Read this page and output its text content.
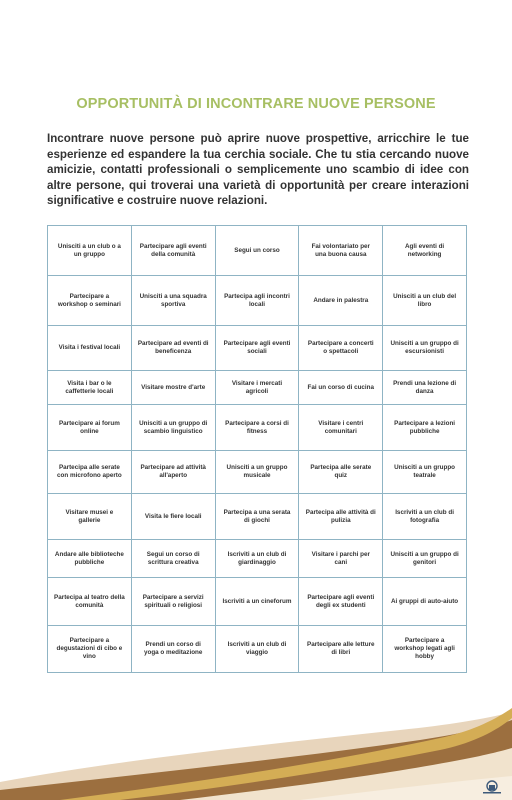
OPPORTUNITÀ DI INCONTRARE NUOVE PERSONE
Incontrare nuove persone può aprire nuove prospettive, arricchire le tue esperienze ed espandere la tua cerchia sociale. Che tu stia cercando nuove amicizie, contatti professionali o semplicemente uno scambio di idee con altre persone, qui troverai una varietà di opportunità per creare interazioni significative e costruire nuove relazioni.
Unisciti a un club o a un gruppo	Partecipare agli eventi della comunità	Segui un corso	Fai volontariato per una buona causa	Agli eventi di networking
Partecipare a workshop o seminari	Unisciti a una squadra sportiva	Partecipa agli incontri locali	Andare in palestra	Unisciti a un club del libro
Visita i festival locali	Partecipare ad eventi di beneficenza	Partecipare agli eventi sociali	Partecipare a concerti o spettacoli	Unisciti a un gruppo di escursionisti
Visita i bar o le caffetterie locali	Visitare mostre d'arte	Visitare i mercati agricoli	Fai un corso di cucina	Prendi una lezione di danza
Partecipare ai forum online	Unisciti a un gruppo di scambio linguistico	Partecipare a corsi di fitness	Visitare i centri comunitari	Partecipare a lezioni pubbliche
Partecipa alle serate con microfono aperto	Partecipare ad attività all'aperto	Unisciti a un gruppo musicale	Partecipa alle serate quiz	Unisciti a un gruppo teatrale
Visitare musei e gallerie	Visita le fiere locali	Partecipa a una serata di giochi	Partecipa alle attività di pulizia	Iscriviti a un club di fotografia
Andare alle biblioteche pubbliche	Segui un corso di scrittura creativa	Iscriviti a un club di giardinaggio	Visitare i parchi per cani	Unisciti a un gruppo di genitori
Partecipa al teatro della comunità	Partecipare a servizi spirituali o religiosi	Iscriviti a un cineforum	Partecipare agli eventi degli ex studenti	Ai gruppi di auto-aiuto
Partecipare a degustazioni di cibo e vino	Prendi un corso di yoga o meditazione	Iscriviti a un club di viaggio	Partecipare alle letture di libri	Partecipare a workshop legati agli hobby
